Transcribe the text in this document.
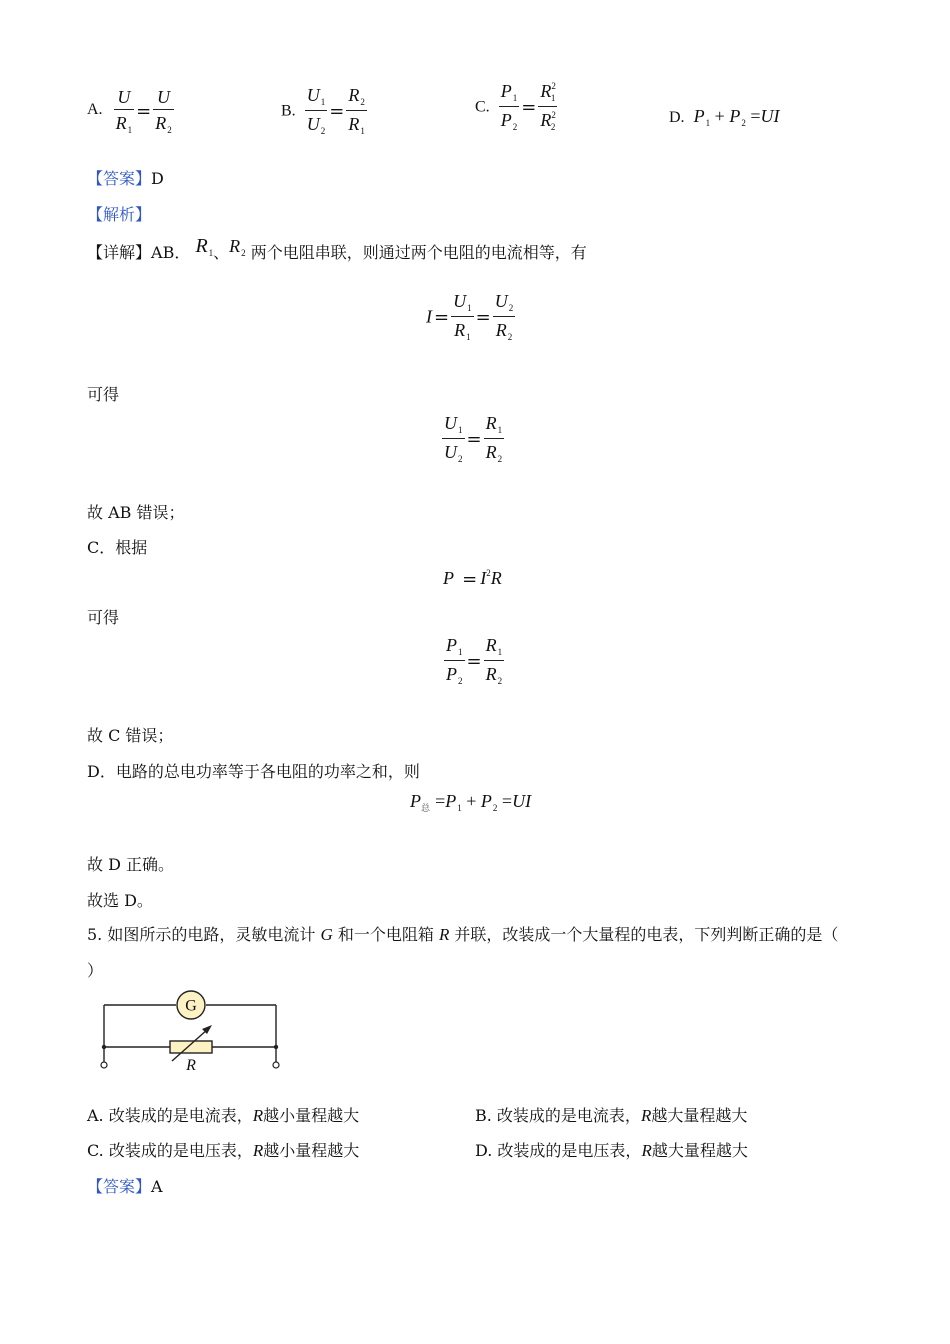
A. $\frac{U}{R_1} = \frac{U}{R_2}$	B. $\frac{U_1}{U_2} = \frac{R_2}{R_1}$	C. $\frac{P_1}{P_2} = \frac{R^2_1}{R^2_2}$	D. $P_1 + P_2 =UI$
【答案】D
【解析】
【详解】AB． $R_1$、$R_2$ 两个电阻串联，则通过两个电阻的电流相等，有
$I = \frac{U_1}{R_1} = \frac{U_2}{R_2}$
可得
$\frac{U_1}{U_2} = \frac{R_1}{R_2}$
故 AB 错误；
C．根据
$P = I^2R$
可得
$\frac{P_1}{P_2} = \frac{R_1}{R_2}$
故 C 错误；
D．电路的总电功率等于各电阻的功率之和，则
$P_总 =P_1 + P_2 =UI$
故 D 正确。
故选 D。
5. 如图所示的电路，灵敏电流计 G 和一个电阻箱 R 并联，改装成一个大量程的电表，下列判断正确的是（
）
G
R
A. 改装成的是电流表，R越小量程越大	B. 改装成的是电流表，R越大量程越大
C. 改装成的是电压表，R越小量程越大	D. 改装成的是电压表，R越大量程越大
【答案】A
